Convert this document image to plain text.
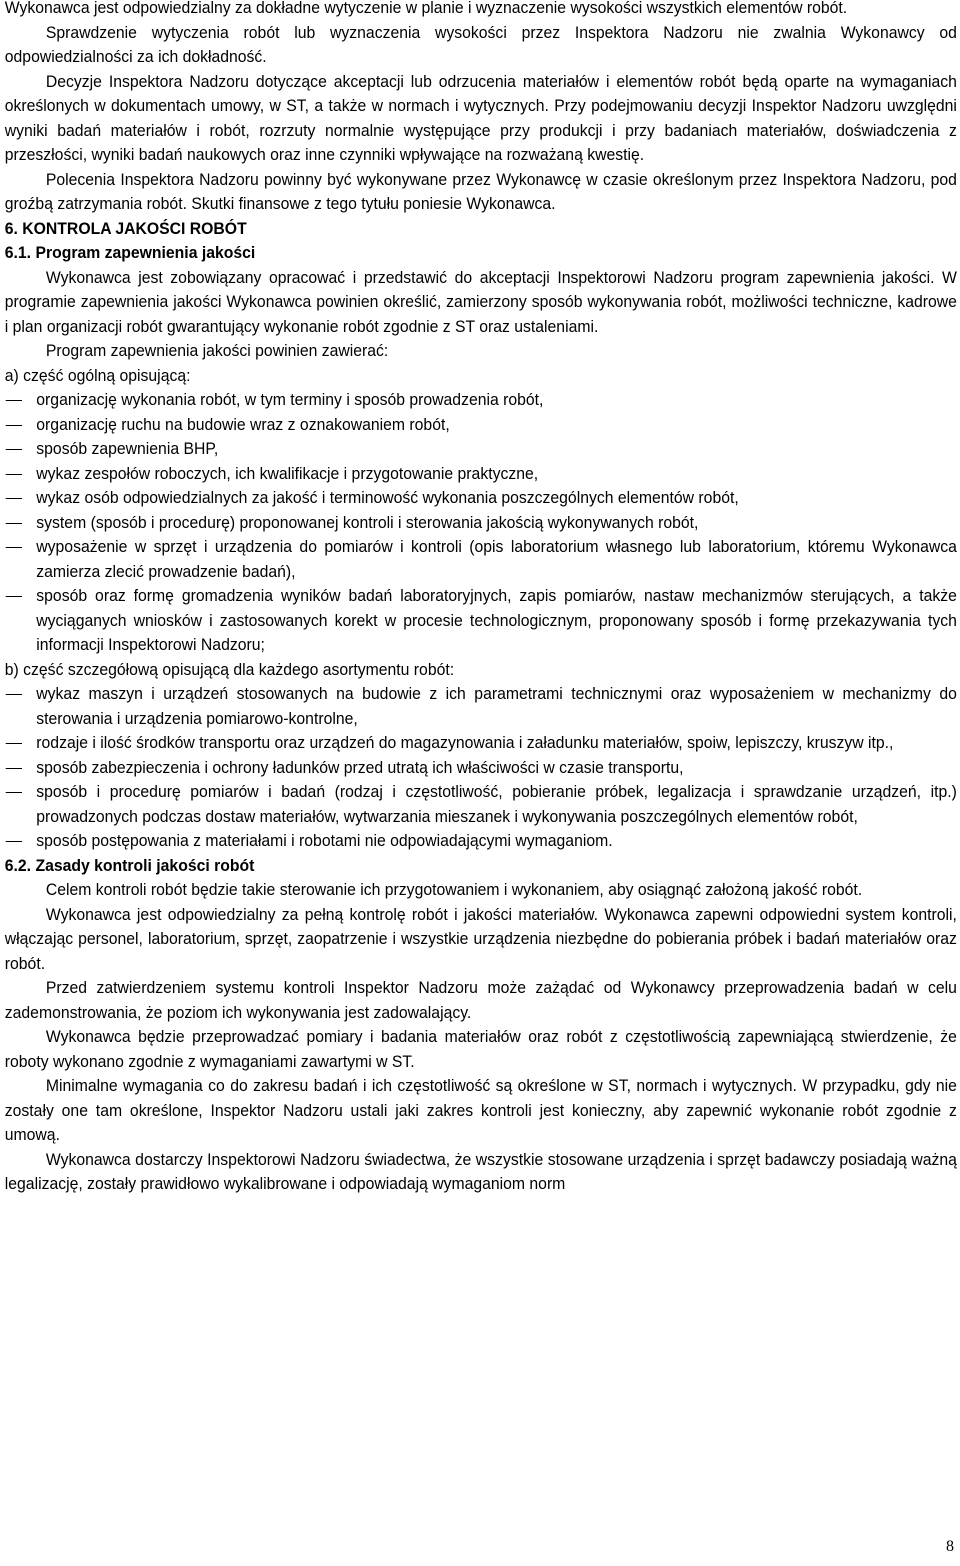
Wykonawca jest odpowiedzialny za dokładne wytyczenie w planie i wyznaczenie wysokości wszystkich elementów robót.

Sprawdzenie wytyczenia robót lub wyznaczenia wysokości przez Inspektora Nadzoru nie zwalnia Wykonawcy od odpowiedzialności za ich dokładność.

Decyzje Inspektora Nadzoru dotyczące akceptacji lub odrzucenia materiałów i elementów robót będą oparte na wymaganiach określonych w dokumentach umowy, w ST, a także w normach i wytycznych. Przy podejmowaniu decyzji Inspektor Nadzoru uwzględni wyniki badań materiałów i robót, rozrzuty normalnie występujące przy produkcji i przy badaniach materiałów, doświadczenia z przeszłości, wyniki badań naukowych oraz inne czynniki wpływające na rozważaną kwestię.

Polecenia Inspektora Nadzoru powinny być wykonywane przez Wykonawcę w czasie określonym przez Inspektora Nadzoru, pod groźbą zatrzymania robót. Skutki finansowe z tego tytułu poniesie Wykonawca.

6. KONTROLA JAKOŚCI ROBÓT

6.1. Program zapewnienia jakości

Wykonawca jest zobowiązany opracować i przedstawić do akceptacji Inspektorowi Nadzoru program zapewnienia jakości. W programie zapewnienia jakości Wykonawca powinien określić, zamierzony sposób wykonywania robót, możliwości techniczne, kadrowe i plan organizacji robót gwarantujący wykonanie robót zgodnie z ST oraz ustaleniami.

Program zapewnienia jakości powinien zawierać:

a) część ogólną opisującą:

organizację wykonania robót, w tym terminy i sposób prowadzenia robót,
organizację ruchu na budowie wraz z oznakowaniem robót,
sposób zapewnienia BHP,
wykaz zespołów roboczych, ich kwalifikacje i przygotowanie praktyczne,
wykaz osób odpowiedzialnych za jakość i terminowość wykonania poszczególnych elementów robót,
system (sposób i procedurę) proponowanej kontroli i sterowania jakością wykonywanych robót,
wyposażenie w sprzęt i urządzenia do pomiarów i kontroli (opis laboratorium własnego lub laboratorium, któremu Wykonawca zamierza zlecić prowadzenie badań),
sposób oraz formę gromadzenia wyników badań laboratoryjnych, zapis pomiarów, nastaw mechanizmów sterujących, a także wyciąganych wniosków i zastosowanych korekt w procesie technologicznym, proponowany sposób i formę przekazywania tych informacji Inspektorowi Nadzoru;

b) część szczegółową opisującą dla każdego asortymentu robót:

wykaz maszyn i urządzeń stosowanych na budowie z ich parametrami technicznymi oraz wyposażeniem w mechanizmy do sterowania i urządzenia pomiarowo-kontrolne,
rodzaje i ilość środków transportu oraz urządzeń do magazynowania i załadunku materiałów, spoiw, lepiszczy, kruszyw itp.,
sposób zabezpieczenia i ochrony ładunków przed utratą ich właściwości w czasie transportu,
sposób i procedurę pomiarów i badań (rodzaj i częstotliwość, pobieranie próbek, legalizacja i sprawdzanie urządzeń, itp.) prowadzonych podczas dostaw materiałów, wytwarzania mieszanek i wykonywania poszczególnych elementów robót,
sposób postępowania z materiałami i robotami nie odpowiadającymi wymaganiom.

6.2. Zasady kontroli jakości robót

Celem kontroli robót będzie takie sterowanie ich przygotowaniem i wykonaniem, aby osiągnąć założoną jakość robót.

Wykonawca jest odpowiedzialny za pełną kontrolę robót i jakości materiałów. Wykonawca zapewni odpowiedni system kontroli, włączając personel, laboratorium, sprzęt, zaopatrzenie i wszystkie urządzenia niezbędne do pobierania próbek i badań materiałów oraz robót.

Przed zatwierdzeniem systemu kontroli Inspektor Nadzoru może zażądać od Wykonawcy przeprowadzenia badań w celu zademonstrowania, że poziom ich wykonywania jest zadowalający.

Wykonawca będzie przeprowadzać pomiary i badania materiałów oraz robót z częstotliwością zapewniającą stwierdzenie, że roboty wykonano zgodnie z wymaganiami zawartymi w ST.

Minimalne wymagania co do zakresu badań i ich częstotliwość są określone w ST, normach i wytycznych. W przypadku, gdy nie zostały one tam określone, Inspektor Nadzoru ustali jaki zakres kontroli jest konieczny, aby zapewnić wykonanie robót zgodnie z umową.

Wykonawca dostarczy Inspektorowi Nadzoru świadectwa, że wszystkie stosowane urządzenia i sprzęt badawczy posiadają ważną legalizację, zostały prawidłowo wykalibrowane i odpowiadają wymaganiom norm

8
